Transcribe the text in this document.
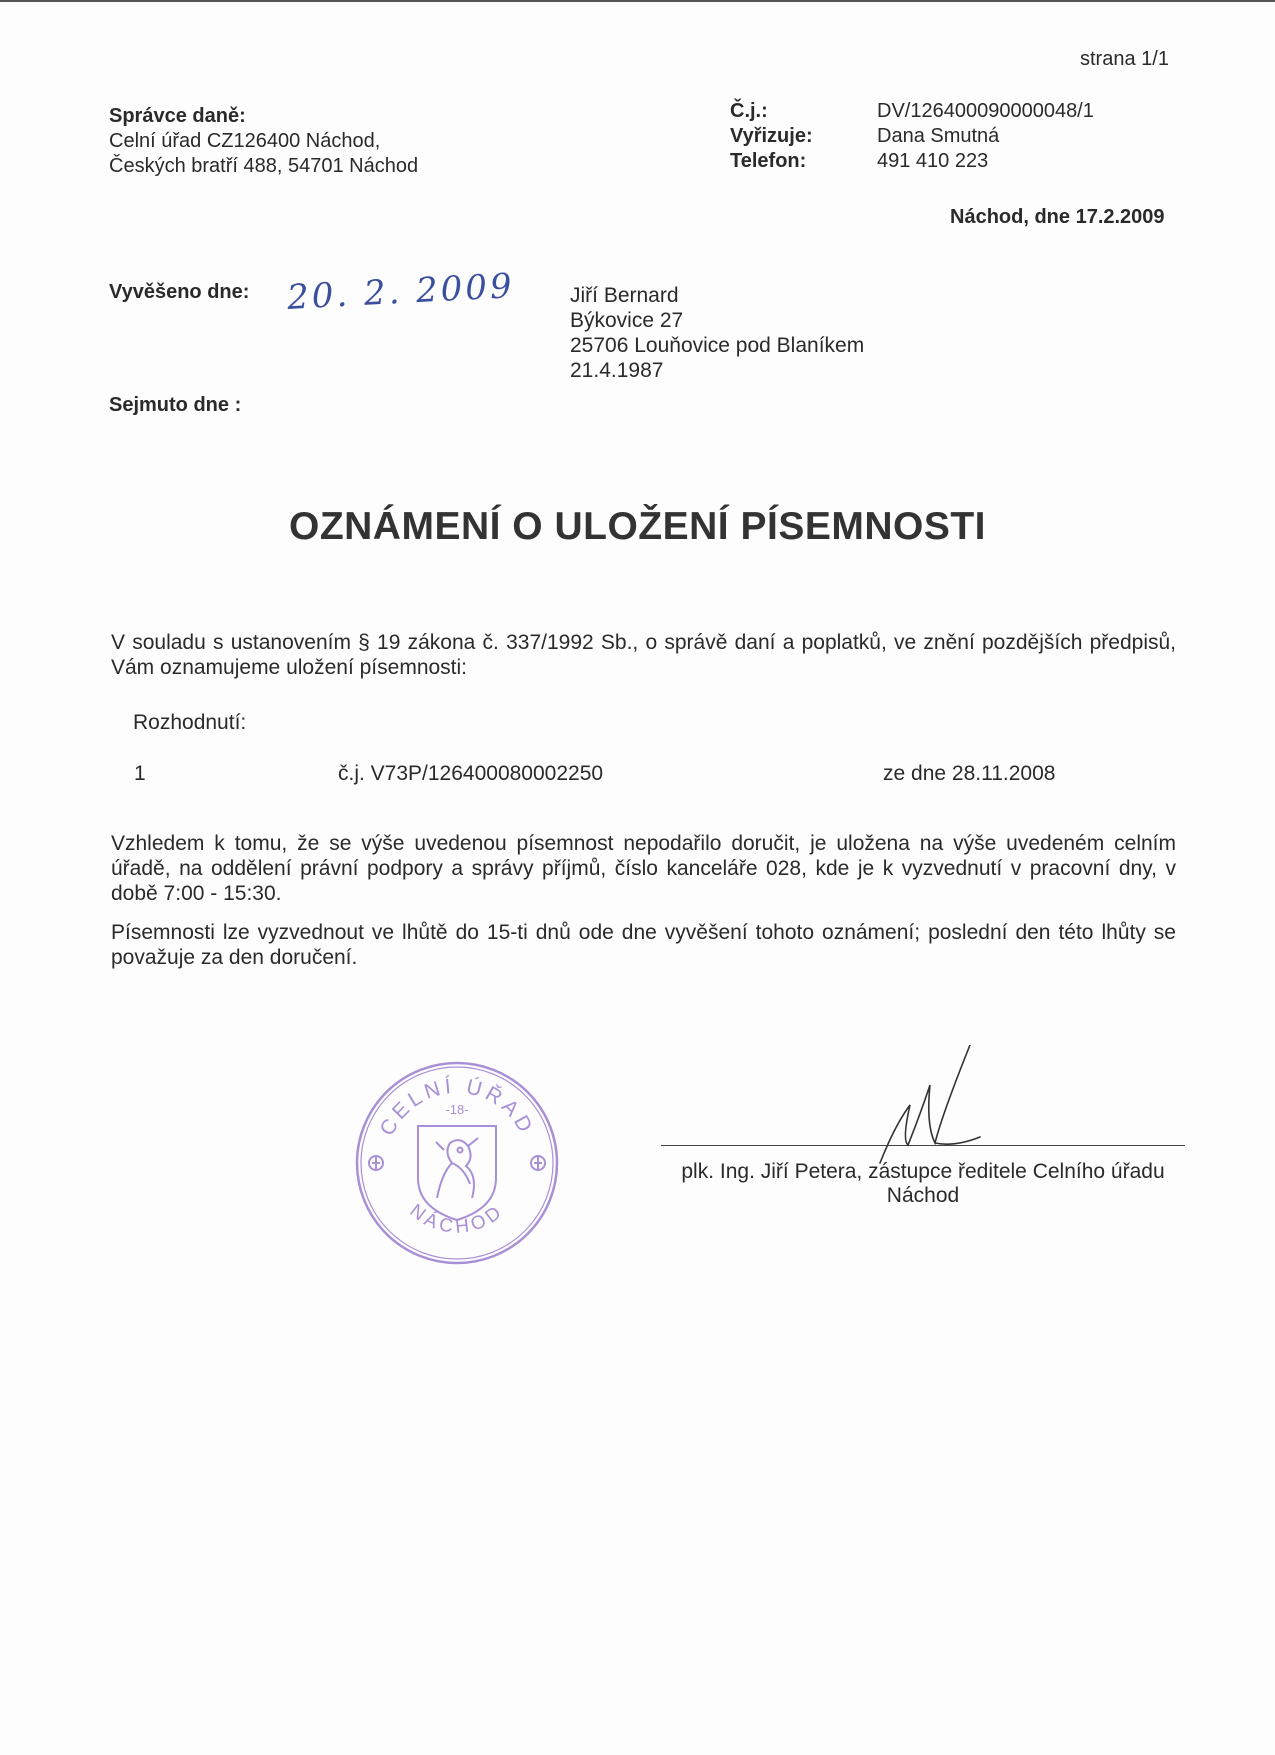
strana 1/1
Správce daně:
Celní úřad CZ126400 Náchod,
Českých bratří 488, 54701 Náchod
Č.j.:	DV/126400090000048/1
Vyřizuje:	Dana Smutná
Telefon:	491 410 223
Náchod, dne 17.2.2009
Vyvěšeno dne: 20. 2. 2009
Sejmuto dne :
Jiří Bernard
Býkovice 27
25706 Louňovice pod Blaníkem
21.4.1987
OZNÁMENÍ O ULOŽENÍ PÍSEMNOSTI
V souladu s ustanovením § 19 zákona č. 337/1992 Sb., o správě daní a poplatků, ve znění pozdějších předpisů, Vám oznamujeme uložení písemnosti:
Rozhodnutí:
1	č.j. V73P/126400080002250	ze dne 28.11.2008
Vzhledem k tomu, že se výše uvedenou písemnost nepodařilo doručit, je uložena na výše uvedeném celním úřadě, na oddělení právní podpory a správy příjmů, číslo kanceláře 028, kde je k vyzvednutí v pracovní dny, v době 7:00 - 15:30.
Písemnosti lze vyzvednout ve lhůtě do 15-ti dnů ode dne vyvěšení tohoto oznámení; poslední den této lhůty se považuje za den doručení.
CELNÍ ÚŘAD
NÁCHOD
-18-
plk. Ing. Jiří Petera, zástupce ředitele Celního úřadu Náchod
